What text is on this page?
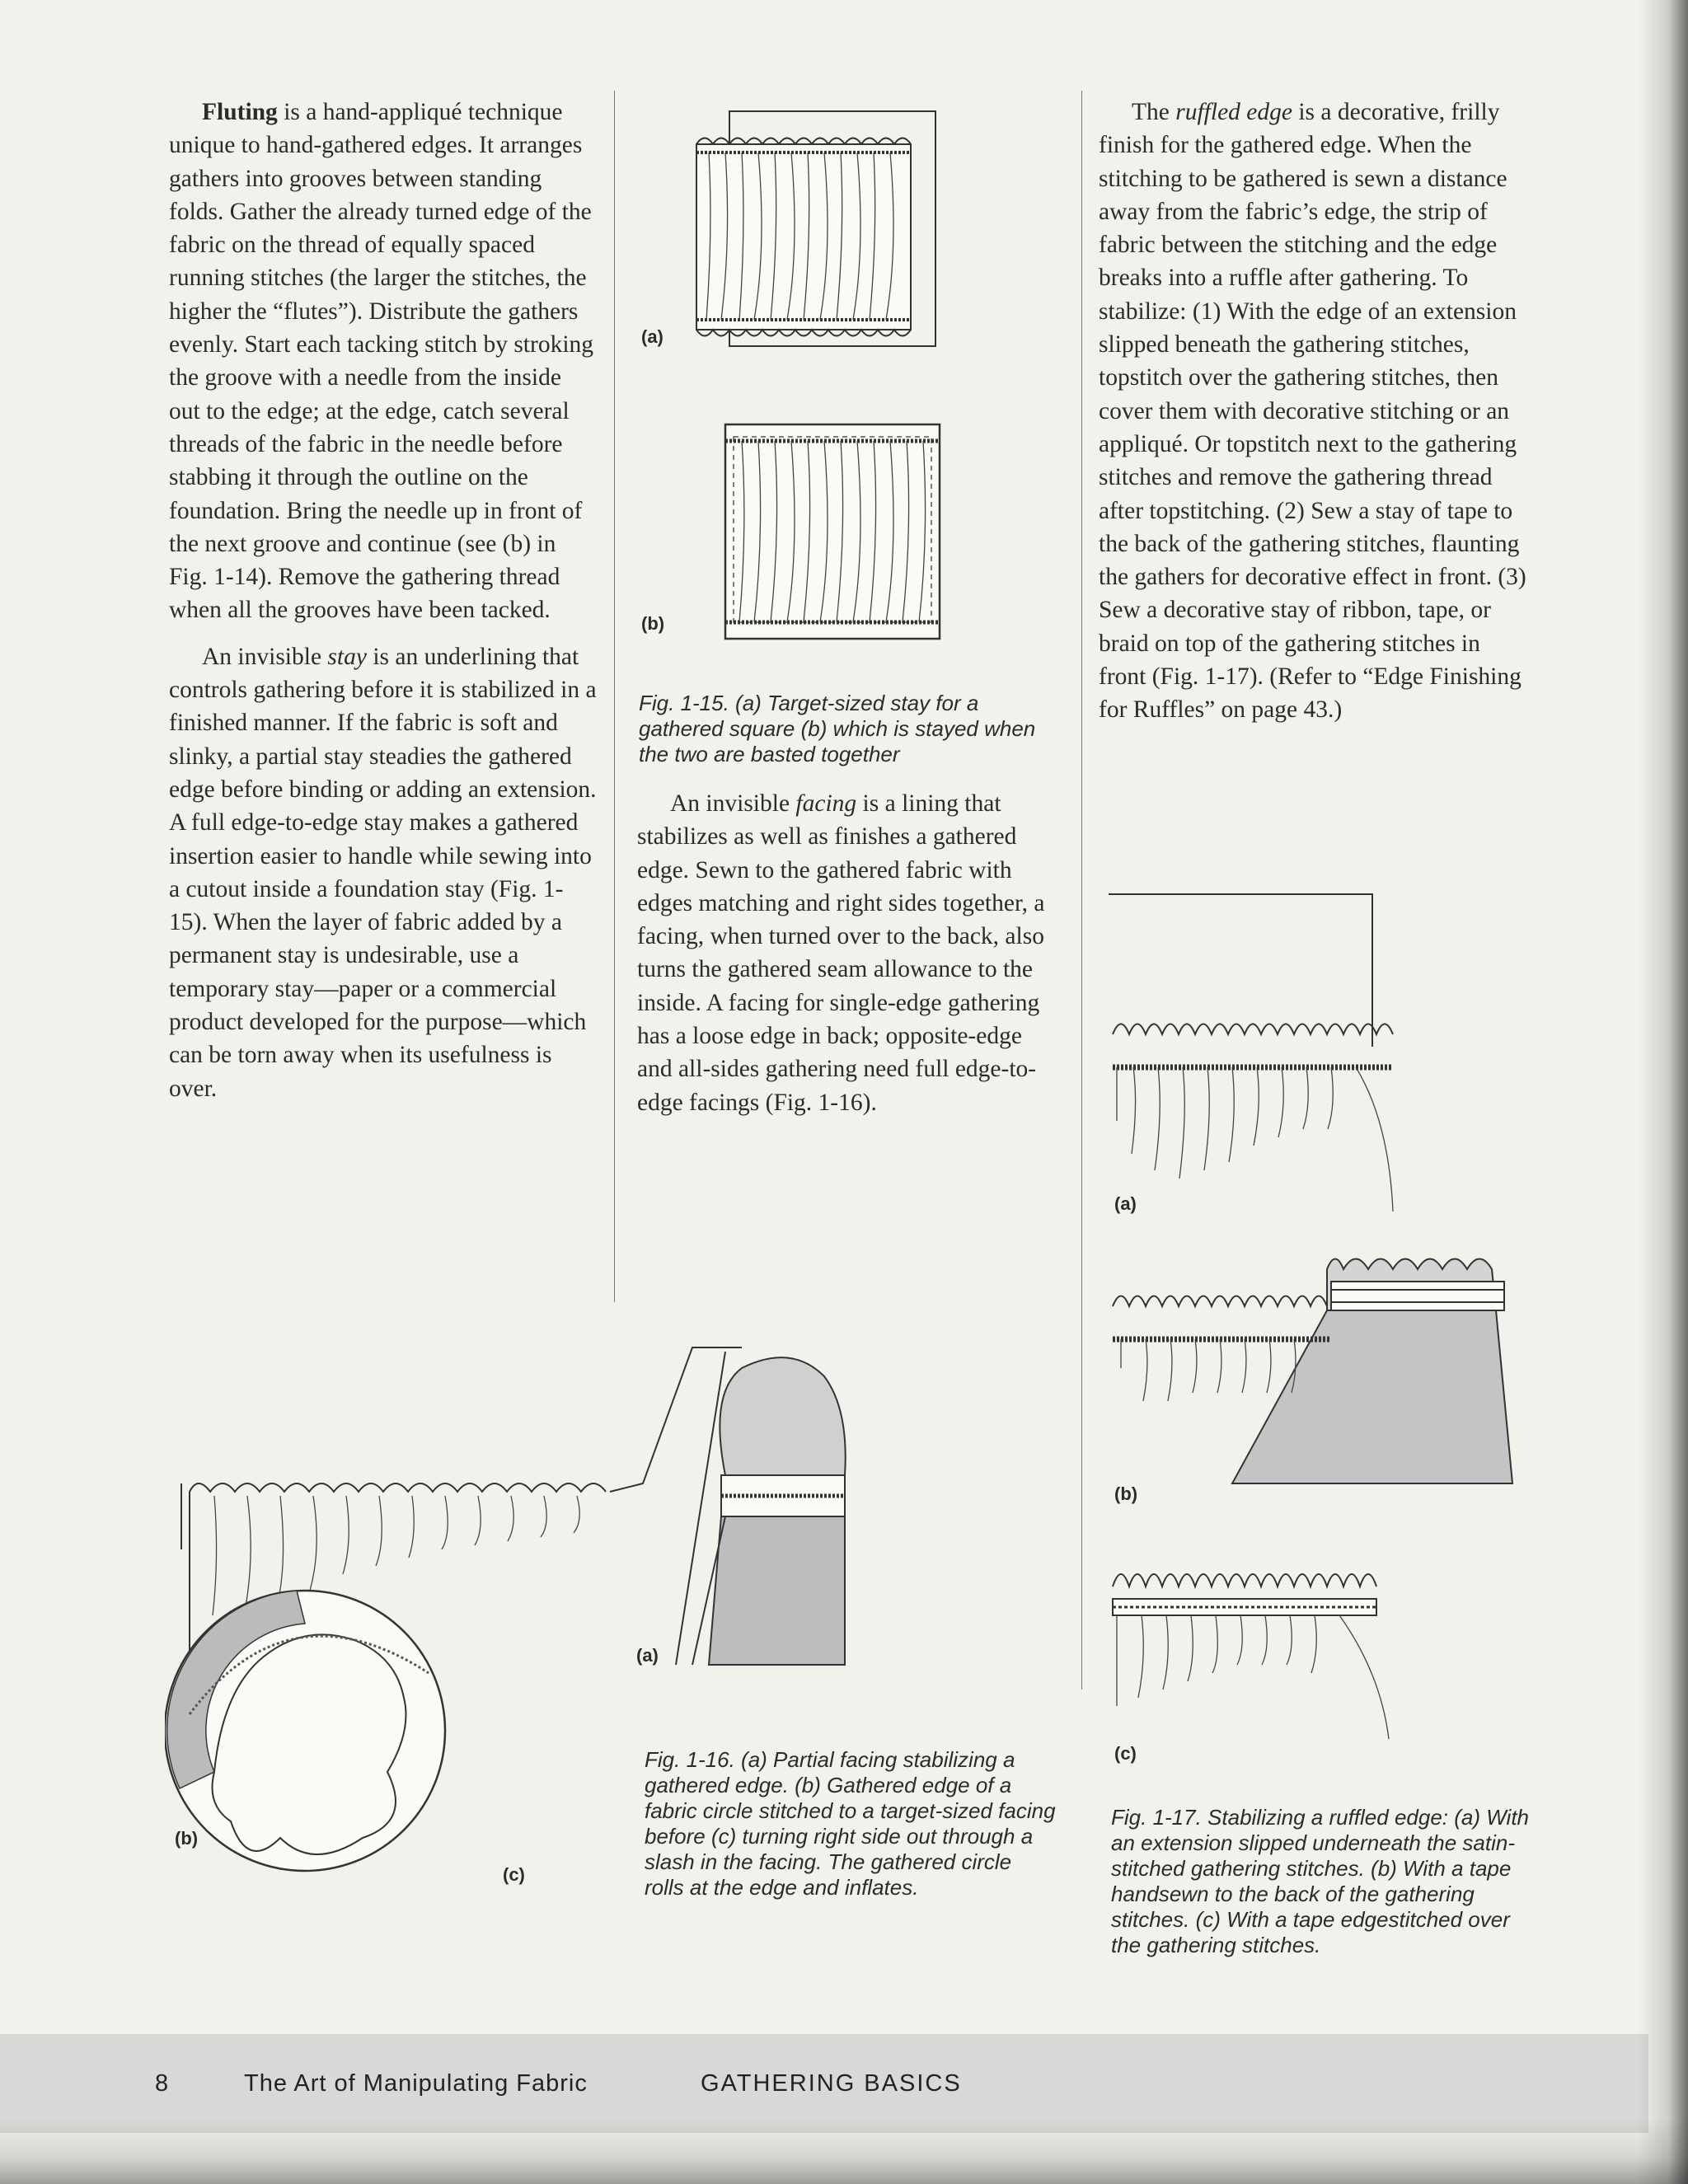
Fluting is a hand-appliqué technique unique to hand-gathered edges. It arranges gathers into grooves between standing folds. Gather the already turned edge of the fabric on the thread of equally spaced running stitches (the larger the stitches, the higher the “flutes”). Distribute the gathers evenly. Start each tacking stitch by stroking the groove with a needle from the inside out to the edge; at the edge, catch several threads of the fabric in the needle before stabbing it through the outline on the foundation. Bring the needle up in front of the next groove and continue (see (b) in Fig. 1-14). Remove the gathering thread when all the grooves have been tacked.

An invisible stay is an underlining that controls gathering before it is stabilized in a finished manner. If the fabric is soft and slinky, a partial stay steadies the gathered edge before binding or adding an extension. A full edge-to-edge stay makes a gathered insertion easier to handle while sewing into a cutout inside a foundation stay (Fig. 1-15). When the layer of fabric added by a permanent stay is undesirable, use a temporary stay—paper or a commercial product developed for the purpose—which can be torn away when its usefulness is over.

(a)
(b)
Fig. 1-15. (a) Target-sized stay for a gathered square (b) which is stayed when the two are basted together

An invisible facing is a lining that stabilizes as well as finishes a gathered edge. Sewn to the gathered fabric with edges matching and right sides together, a facing, when turned over to the back, also turns the gathered seam allowance to the inside. A facing for single-edge gathering has a loose edge in back; opposite-edge and all-sides gathering need full edge-to-edge facings (Fig. 1-16).

The ruffled edge is a decorative, frilly finish for the gathered edge. When the stitching to be gathered is sewn a distance away from the fabric’s edge, the strip of fabric between the stitching and the edge breaks into a ruffle after gathering. To stabilize: (1) With the edge of an extension slipped beneath the gathering stitches, topstitch over the gathering stitches, then cover them with decorative stitching or an appliqué. Or topstitch next to the gathering stitches and remove the gathering thread after topstitching. (2) Sew a stay of tape to the back of the gathering stitches, flaunting the gathers for decorative effect in front. (3) Sew a decorative stay of ribbon, tape, or braid on top of the gathering stitches in front (Fig. 1-17). (Refer to “Edge Finishing for Ruffles” on page 43.)

(a)
(b)
(c)
Fig. 1-16. (a) Partial facing stabilizing a gathered edge. (b) Gathered edge of a fabric circle stitched to a target-sized facing before (c) turning right side out through a slash in the facing. The gathered circle rolls at the edge and inflates.
(a)
(b)
(c)
Fig. 1-17. Stabilizing a ruffled edge: (a) With an extension slipped underneath the satin-stitched gathering stitches. (b) With a tape handsewn to the back of the gathering stitches. (c) With a tape edgestitched over the gathering stitches.
8	The Art of Manipulating Fabric	GATHERING BASICS
